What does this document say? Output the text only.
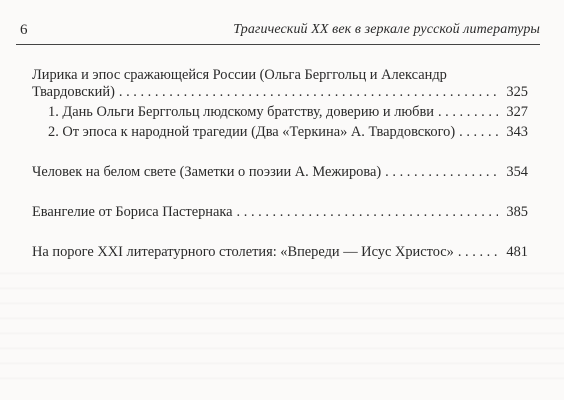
6	Трагический XX век в зеркале русской литературы
Лирика и эпос сражающейся России (Ольга Берггольц и Александр
Твардовский) . . .	325
1. Дань Ольги Берггольц людскому братству, доверию и любви . . .	327
2. От эпоса к народной трагедии (Два «Теркина» А. Твардовского) . . .	343
Человек на белом свете (Заметки о поэзии А. Межирова) . . .	354
Евангелие от Бориса Пастернака . . .	385
На пороге XXI литературного столетия: «Впереди — Исус Христос» . . .	481
